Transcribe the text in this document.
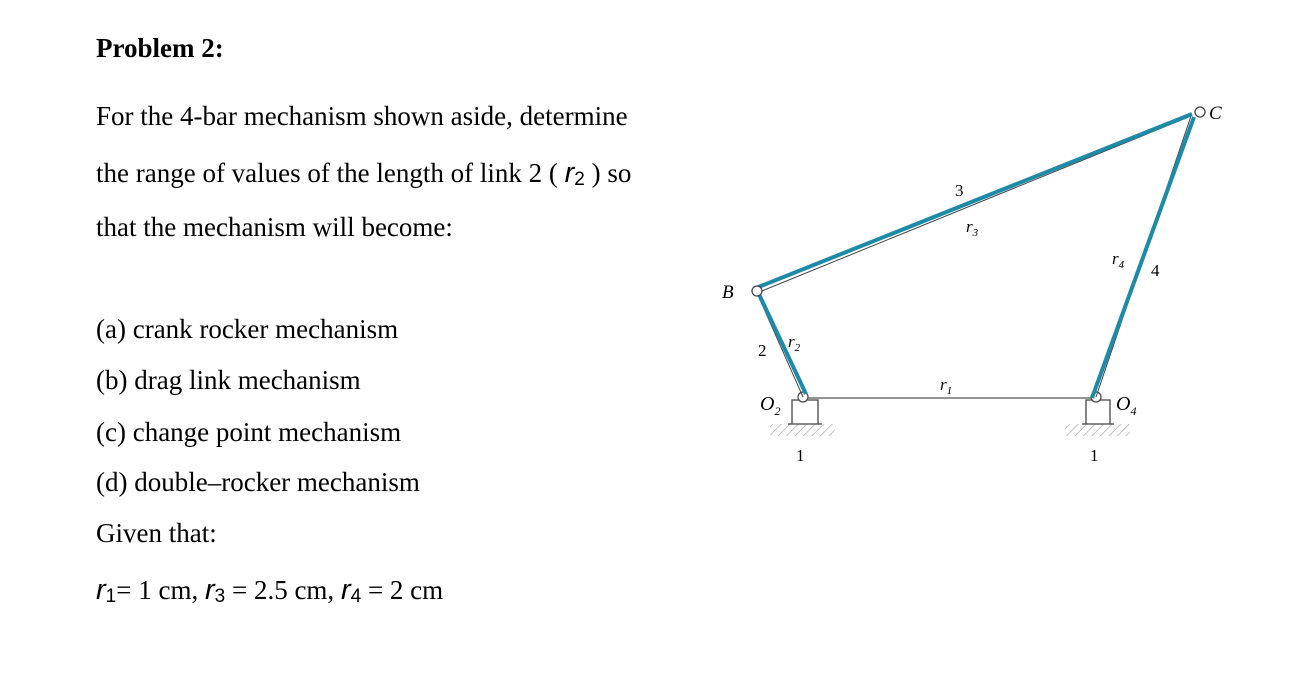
Problem 2:
For the 4-bar mechanism shown aside, determine
the range of values of the length of link 2 ( r2 ) so
that the mechanism will become:
(a) crank rocker mechanism
(b) drag link mechanism
(c) change point mechanism
(d) double–rocker mechanism
Given that:
r1= 1 cm, r3 = 2.5 cm, r4 = 2 cm
B
C
$O_2$	$O_4$
1	1
2
3
4
$r_1$
$r_2$
$r_3$
$r_4$
